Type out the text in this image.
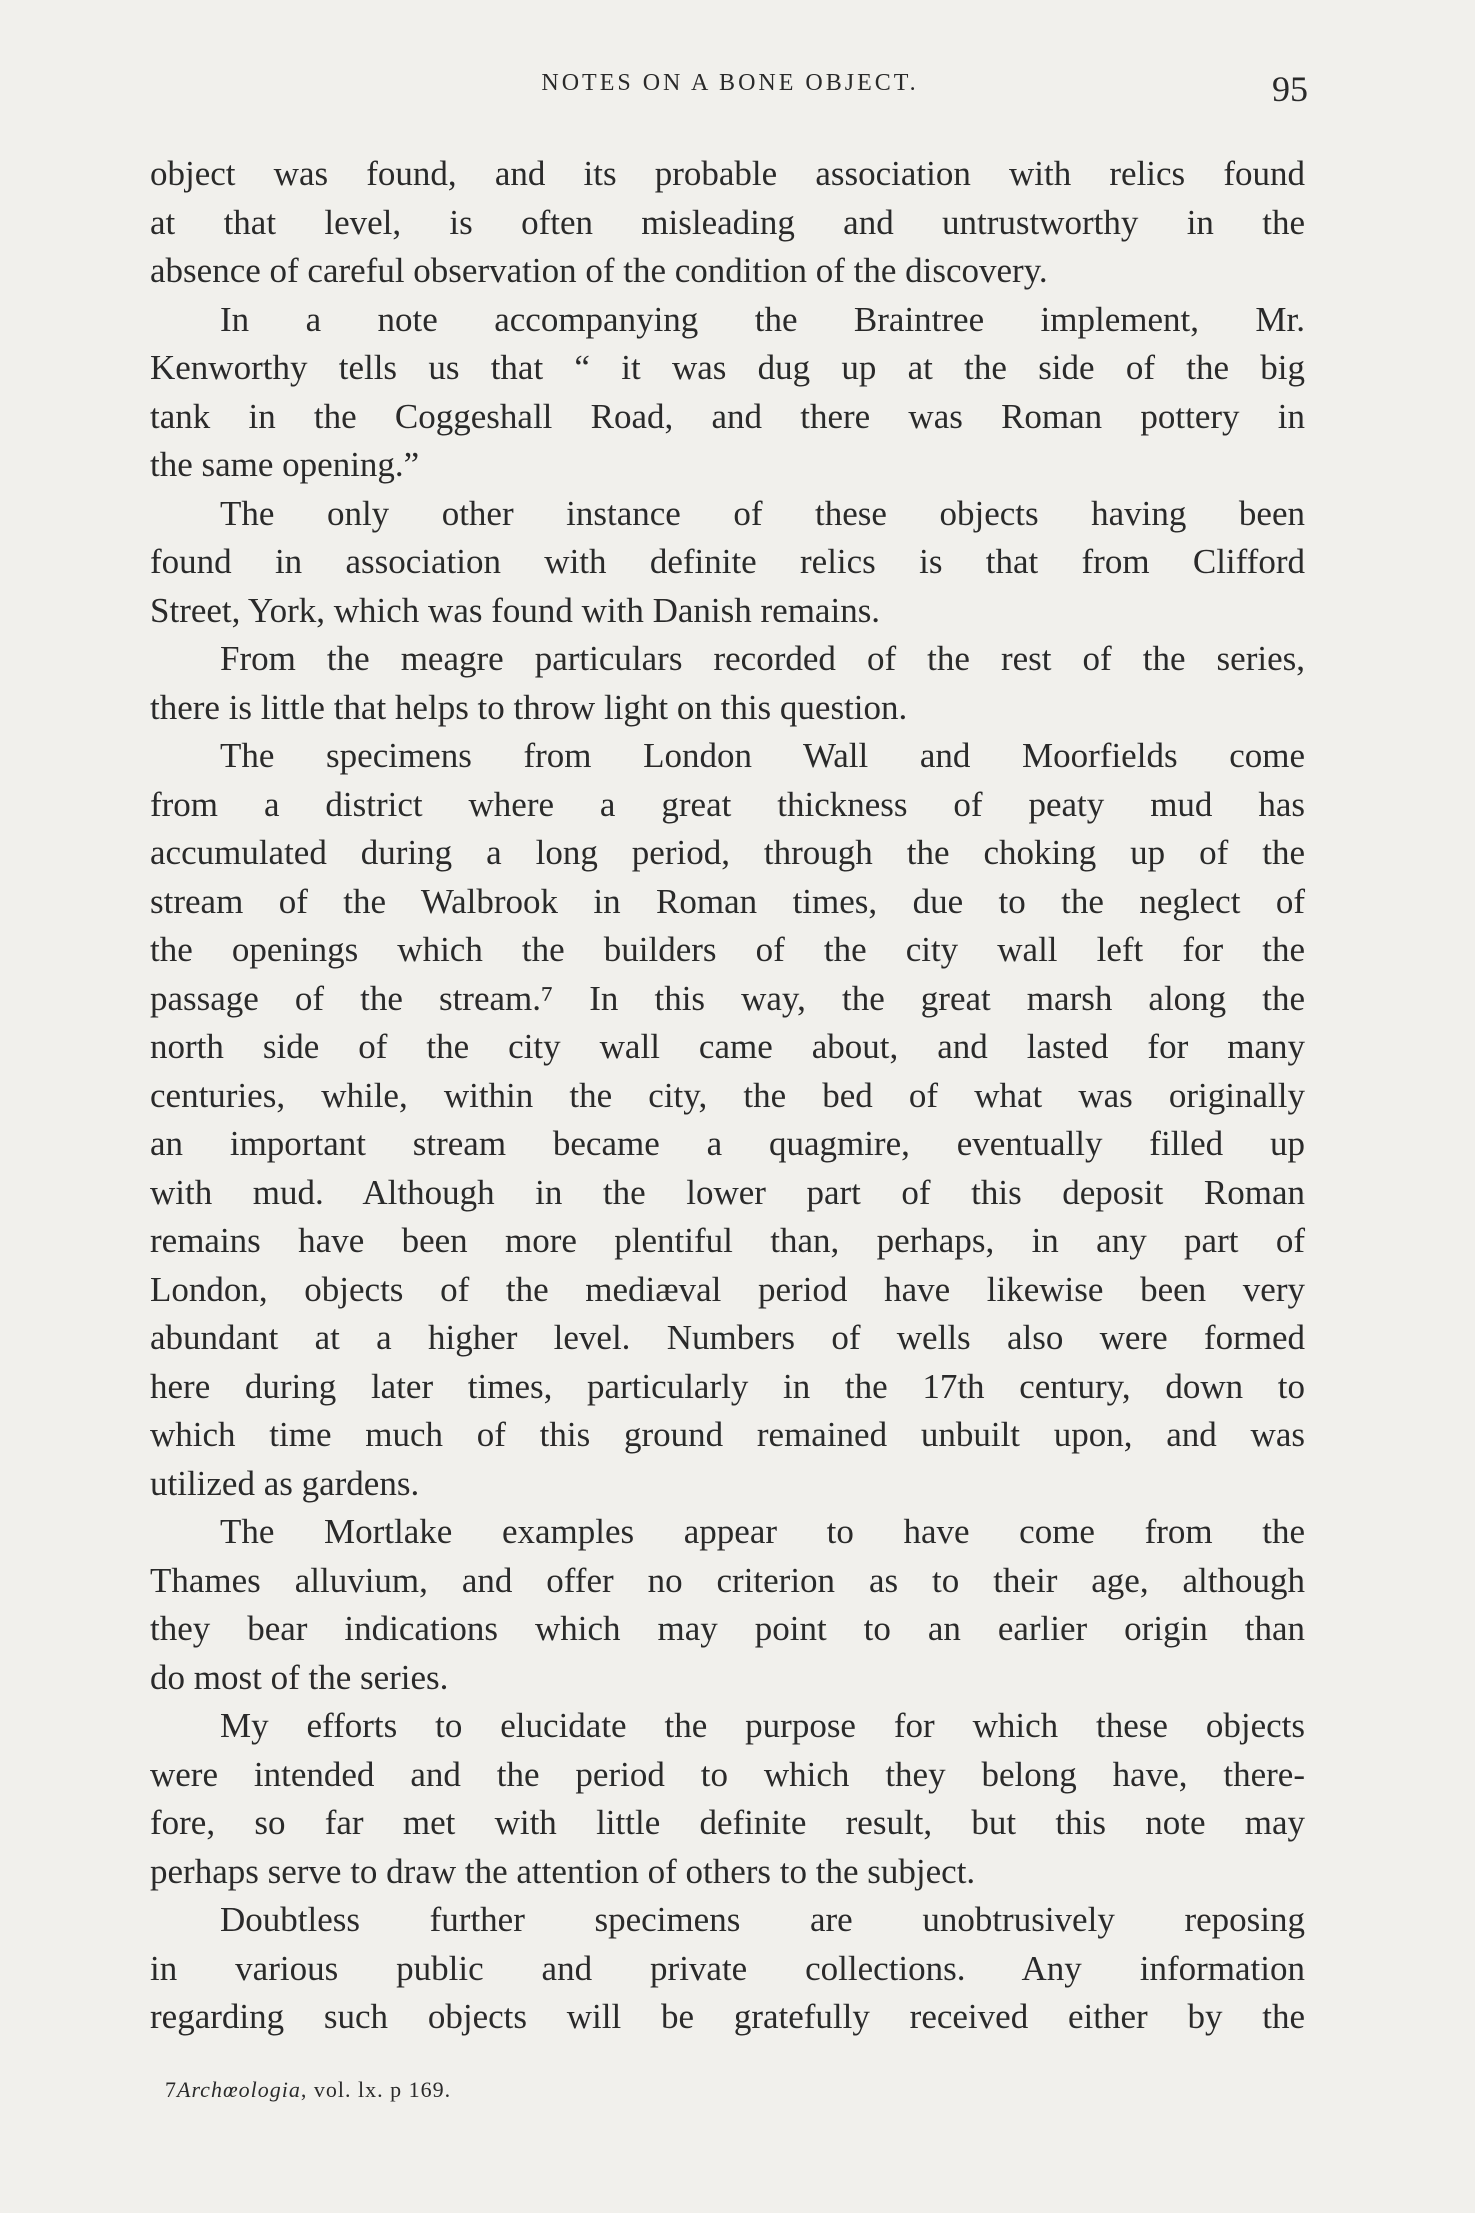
NOTES ON A BONE OBJECT.	95
object was found, and its probable association with relics found
at that level, is often misleading and untrustworthy in the
absence of careful observation of the condition of the discovery.
In a note accompanying the Braintree implement, Mr.
Kenworthy tells us that “ it was dug up at the side of the big
tank in the Coggeshall Road, and there was Roman pottery in
the same opening.”
The only other instance of these objects having been
found in association with definite relics is that from Clifford
Street, York, which was found with Danish remains.
From the meagre particulars recorded of the rest of the series,
there is little that helps to throw light on this question.
The specimens from London Wall and Moorfields come
from a district where a great thickness of peaty mud has
accumulated during a long period, through the choking up of the
stream of the Walbrook in Roman times, due to the neglect of
the openings which the builders of the city wall left for the
passage of the stream.⁷ In this way, the great marsh along the
north side of the city wall came about, and lasted for many
centuries, while, within the city, the bed of what was originally
an important stream became a quagmire, eventually filled up
with mud. Although in the lower part of this deposit Roman
remains have been more plentiful than, perhaps, in any part of
London, objects of the mediæval period have likewise been very
abundant at a higher level. Numbers of wells also were formed
here during later times, particularly in the 17th century, down to
which time much of this ground remained unbuilt upon, and was
utilized as gardens.
The Mortlake examples appear to have come from the
Thames alluvium, and offer no criterion as to their age, although
they bear indications which may point to an earlier origin than
do most of the series.
My efforts to elucidate the purpose for which these objects
were intended and the period to which they belong have, there-
fore, so far met with little definite result, but this note may
perhaps serve to draw the attention of others to the subject.
Doubtless further specimens are unobtrusively reposing
in various public and private collections. Any information
regarding such objects will be gratefully received either by the
7Archœologia, vol. lx. p 169.
